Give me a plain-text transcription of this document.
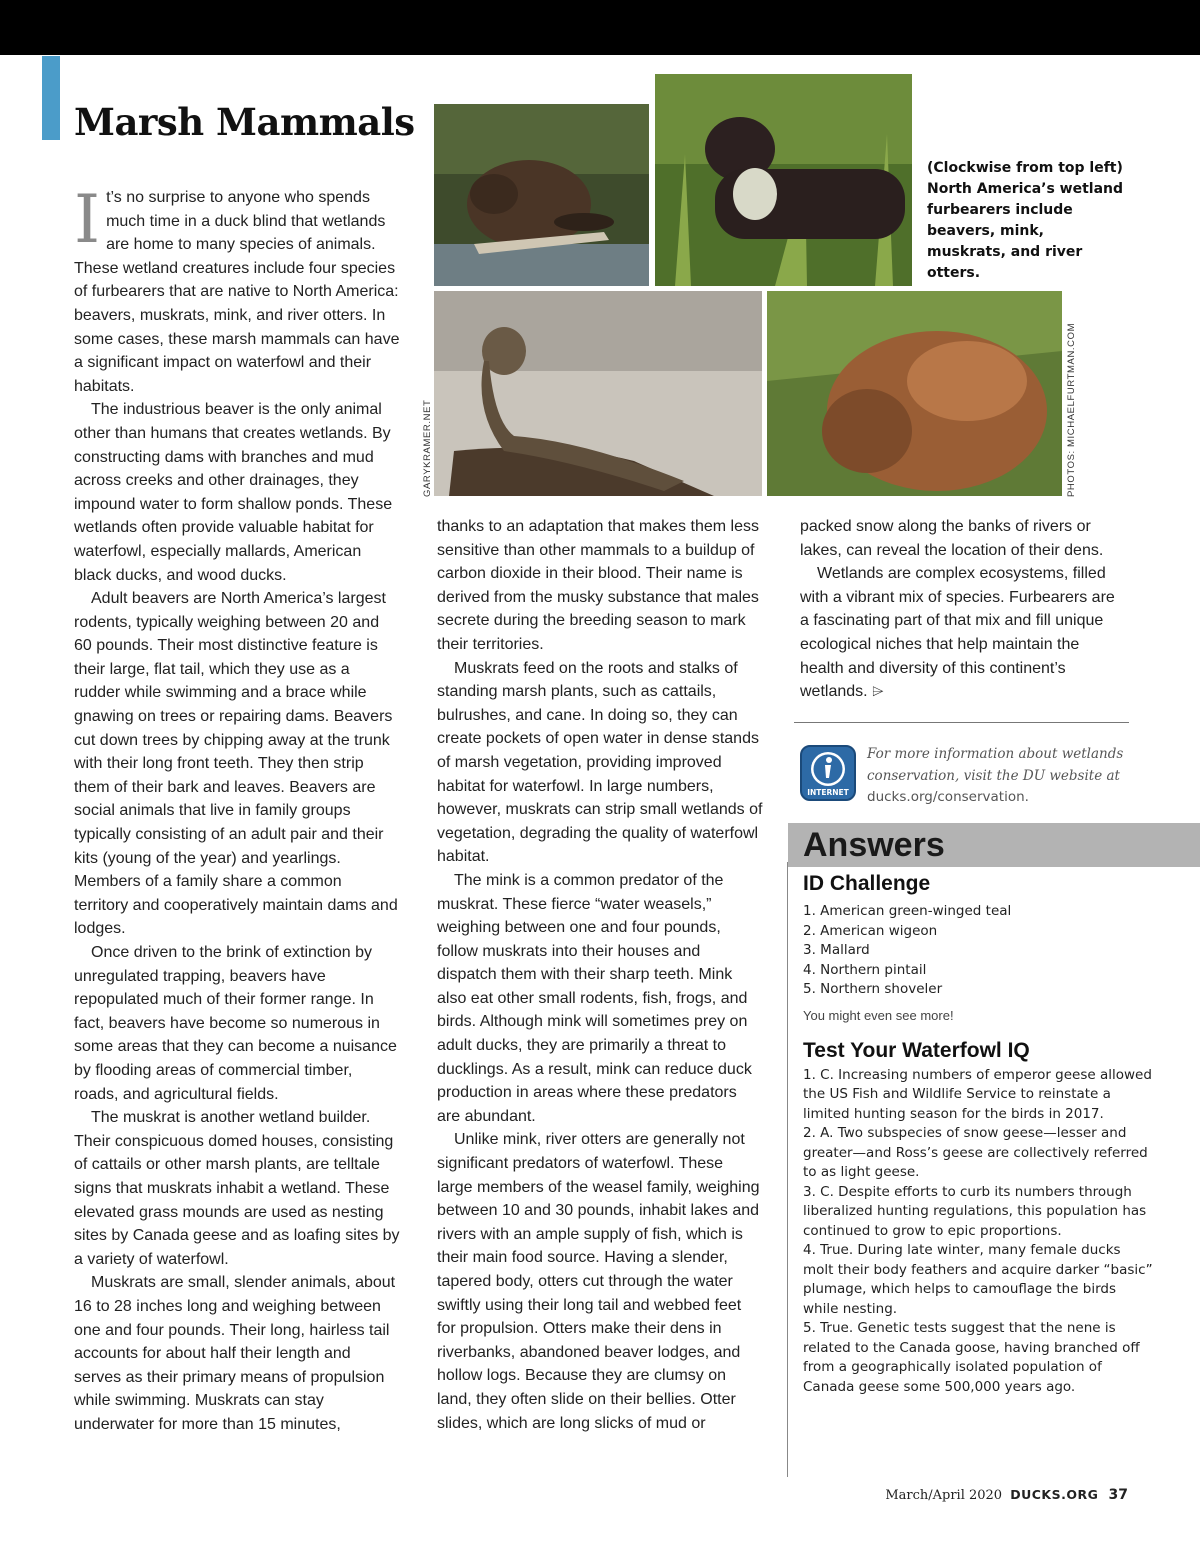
Marsh Mammals
GARYKRAMER.NET	PHOTOS: MICHAELFURTMAN.COM
(Clockwise from top left) North America’s wetland furbearers include beavers, mink, muskrats, and river otters.

It’s no surprise to anyone who spends much time in a duck blind that wetlands are home to many species of animals. These wetland creatures include four species of furbearers that are native to North America: beavers, muskrats, mink, and river otters. In some cases, these marsh mammals can have a significant impact on waterfowl and their habitats.

The industrious beaver is the only animal other than humans that creates wetlands. By constructing dams with branches and mud across creeks and other drainages, they impound water to form shallow ponds. These wetlands often provide valuable habitat for waterfowl, especially mallards, American black ducks, and wood ducks.

Adult beavers are North America’s largest rodents, typically weighing between 20 and 60 pounds. Their most distinctive feature is their large, flat tail, which they use as a rudder while swimming and a brace while gnawing on trees or repairing dams. Beavers cut down trees by chipping away at the trunk with their long front teeth. They then strip them of their bark and leaves. Beavers are social animals that live in family groups typically consisting of an adult pair and their kits (young of the year) and yearlings. Members of a family share a common territory and cooperatively maintain dams and lodges.

Once driven to the brink of extinction by unregulated trapping, beavers have repopulated much of their former range. In fact, beavers have become so numerous in some areas that they can become a nuisance by flooding areas of commercial timber, roads, and agricultural fields.

The muskrat is another wetland builder. Their conspicuous domed houses, consisting of cattails or other marsh plants, are telltale signs that muskrats inhabit a wetland. These elevated grass mounds are used as nesting sites by Canada geese and as loafing sites by a variety of waterfowl.

Muskrats are small, slender animals, about 16 to 28 inches long and weighing between one and four pounds. Their long, hairless tail accounts for about half their length and serves as their primary means of propulsion while swimming. Muskrats can stay underwater for more than 15 minutes,

thanks to an adaptation that makes them less sensitive than other mammals to a buildup of carbon dioxide in their blood. Their name is derived from the musky substance that males secrete during the breeding season to mark their territories.

Muskrats feed on the roots and stalks of standing marsh plants, such as cattails, bulrushes, and cane. In doing so, they can create pockets of open water in dense stands of marsh vegetation, providing improved habitat for waterfowl. In large numbers, however, muskrats can strip small wetlands of vegetation, degrading the quality of waterfowl habitat.

The mink is a common predator of the muskrat. These fierce “water weasels,” weighing between one and four pounds, follow muskrats into their houses and dispatch them with their sharp teeth. Mink also eat other small rodents, fish, frogs, and birds. Although mink will sometimes prey on adult ducks, they are primarily a threat to ducklings. As a result, mink can reduce duck production in areas where these predators are abundant.

Unlike mink, river otters are generally not significant predators of waterfowl. These large members of the weasel family, weighing between 10 and 30 pounds, inhabit lakes and rivers with an ample supply of fish, which is their main food source. Having a slender, tapered body, otters cut through the water swiftly using their long tail and webbed feet for propulsion. Otters make their dens in riverbanks, abandoned beaver lodges, and hollow logs. Because they are clumsy on land, they often slide on their bellies. Otter slides, which are long slicks of mud or

packed snow along the banks of rivers or lakes, can reveal the location of their dens.

Wetlands are complex ecosystems, filled with a vibrant mix of species. Furbearers are a fascinating part of that mix and fill unique ecological niches that help maintain the health and diversity of this continent’s wetlands. ⌲

INTERNET
For more information about wetlands conservation, visit the DU website at ducks.org/conservation.
Answers
ID Challenge
1. American green-winged teal
2. American wigeon
3. Mallard
4. Northern pintail
5. Northern shoveler

You might even see more!

Test Your Waterfowl IQ
1. C. Increasing numbers of emperor geese allowed the US Fish and Wildlife Service to reinstate a limited hunting season for the birds in 2017.
2. A. Two subspecies of snow geese—lesser and greater—and Ross’s geese are collectively referred to as light geese.
3. C. Despite efforts to curb its numbers through liberalized hunting regulations, this population has continued to grow to epic proportions.
4. True. During late winter, many female ducks molt their body feathers and acquire darker “basic” plumage, which helps to camouflage the birds while nesting.
5. True. Genetic tests suggest that the nene is related to the Canada goose, having branched off from a geographically isolated population of Canada geese some 500,000 years ago.
March/April 2020 DUCKS.ORG 37
